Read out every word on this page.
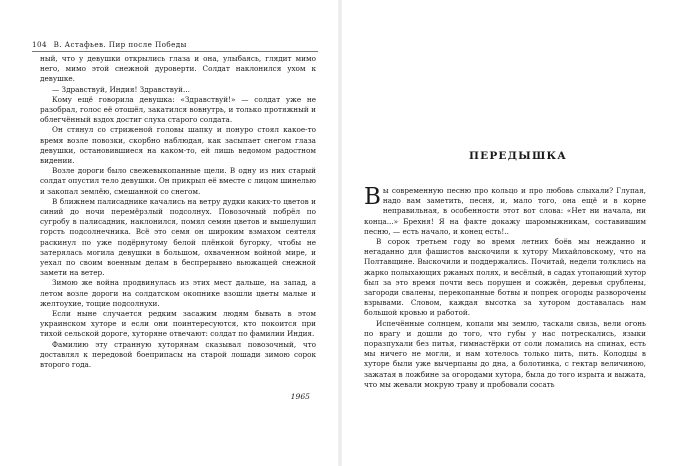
104 В. Астафьев. Пир после Победы

ный, что у девушки открылись глаза и она, улыбаясь, глядит мимо него, мимо этой снежной дуроверти. Солдат наклонился ухом к девушке.

— Здравствуй, Индия! Здравствуй...

Кому ещё говорила девушка: «Здравствуй!» — солдат уже не разобрал, голос её отошёл, закатился вовнутрь, и только протяжный и облегчённый вздох достиг слуха старого солдата.

Он стянул со стриженой головы шапку и понуро стоял какое-то время возле повозки, скорбно наблюдая, как засыпает снегом глаза девушки, остановившиеся на каком-то, ей лишь ведомом радостном видении.

Возле дороги было свежевыкопанные щели. В одну из них старый солдат опустил тело девушки. Он прикрыл её вместе с лицом шинелью и закопал землёю, смешанной со снегом.

В ближнем палисаднике качались на ветру дудки каких-то цветов и синий до ночи перемёрзлый подсолнух. Повозочный побрёл по сугробу в палисадник, наклонился, помял семян цветов и вышелушил горсть подсолнечника. Всё это семя он широким взмахом сеятеля раскинул по уже подёрнутому белой плёнкой бугорку, чтобы не затерялась могила девушки в большом, охваченном войной мире, и уехал по своим военным делам в беспрерывно вьюжащей снежной замети на ветер.

Зимою же война продвинулась из этих мест дальше, на запад, а летом возле дороги на солдатском окопнике взошли цветы малые и желтоухие, тощие подсолнухи.

Если ныне случается редким засажим людям бывать в этом украинском хуторе и если они поинтересуются, кто покоится при тихой сельской дороге, хуторяне отвечают: солдат по фамилии Индия.

Фамилию эту странную хуторянам сказывал повозочный, что доставлял к передовой боеприпасы на старой лошади зимою сорок второго года.

1965
ПЕРЕДЫШКА

Вы современную песню про кольцо и про любовь слыхали? Глупая, надо вам заметить, песня, и, мало того, она ещё и в корне неправильная, в особенности этот вот слова: «Нет ни начала, ни конца...» Брехня! Я на факте докажу шаромыжникам, составившим песню, — есть начало, и конец есть!..

В сорок третьем году во время летних боёв мы нежданно и негаданно для фашистов выскочили к хутору Михайловскому, что на Полтавщине. Выскочили и поддержались. Почитай, недели толклись на жарко полыхающих ржаных полях, и весёлый, в садах утопающий хутор был за это время почти весь порушен и сожжён, деревья срублены, загороди свалены, перекопанные ботвы и попрек огороды разворочены взрывами. Словом, каждая высотка за хутором доставалась нам большой кровью и работой.

Испечённые солнцем, копали мы землю, таскали связь, вели огонь по врагу и дошли до того, что губы у нас потрескались, языки поразпухали без питья, гимнастёрки от соли ломались на спинах, есть мы ничего не могли, и нам хотелось только пить, пить. Колодцы в хуторе были уже вычерпаны до дна, а болотинка, с гектар величиною, зажатая в ложбине за огородами хутора, была до того изрыта и выжата, что мы жевали мокрую траву и пробовали сосать
